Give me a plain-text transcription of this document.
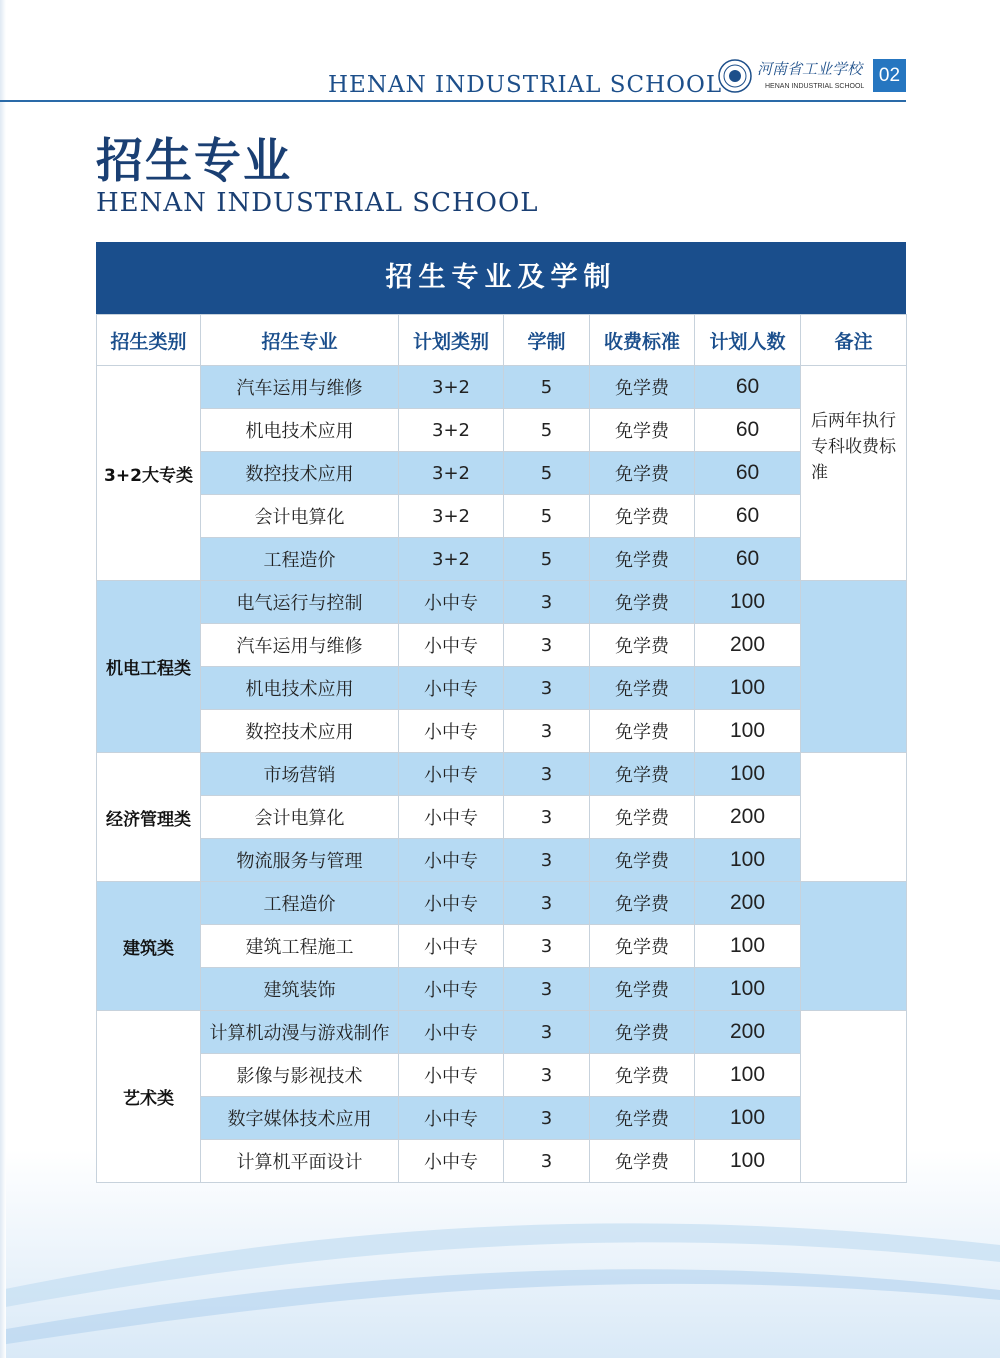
HENAN INDUSTRIAL SCHOOL
河南省工业学校
HENAN INDUSTRIAL SCHOOL
02
招生专业
HENAN INDUSTRIAL SCHOOL
招生专业及学制
招生类别	招生专业	计划类别	学制	收费标准	计划人数	备注
3+2大专类	汽车运用与维修	3+2	5	免学费	60	后两年执行专科收费标准
	机电技术应用	3+2	5	免学费	60	
	数控技术应用	3+2	5	免学费	60	
	会计电算化	3+2	5	免学费	60	
	工程造价	3+2	5	免学费	60	
机电工程类	电气运行与控制	小中专	3	免学费	100	
	汽车运用与维修	小中专	3	免学费	200	
	机电技术应用	小中专	3	免学费	100	
	数控技术应用	小中专	3	免学费	100	
经济管理类	市场营销	小中专	3	免学费	100	
	会计电算化	小中专	3	免学费	200	
	物流服务与管理	小中专	3	免学费	100	
建筑类	工程造价	小中专	3	免学费	200	
	建筑工程施工	小中专	3	免学费	100	
	建筑装饰	小中专	3	免学费	100	
艺术类	计算机动漫与游戏制作	小中专	3	免学费	200	
	影像与影视技术	小中专	3	免学费	100	
	数字媒体技术应用	小中专	3	免学费	100	
	计算机平面设计	小中专	3	免学费	100	
